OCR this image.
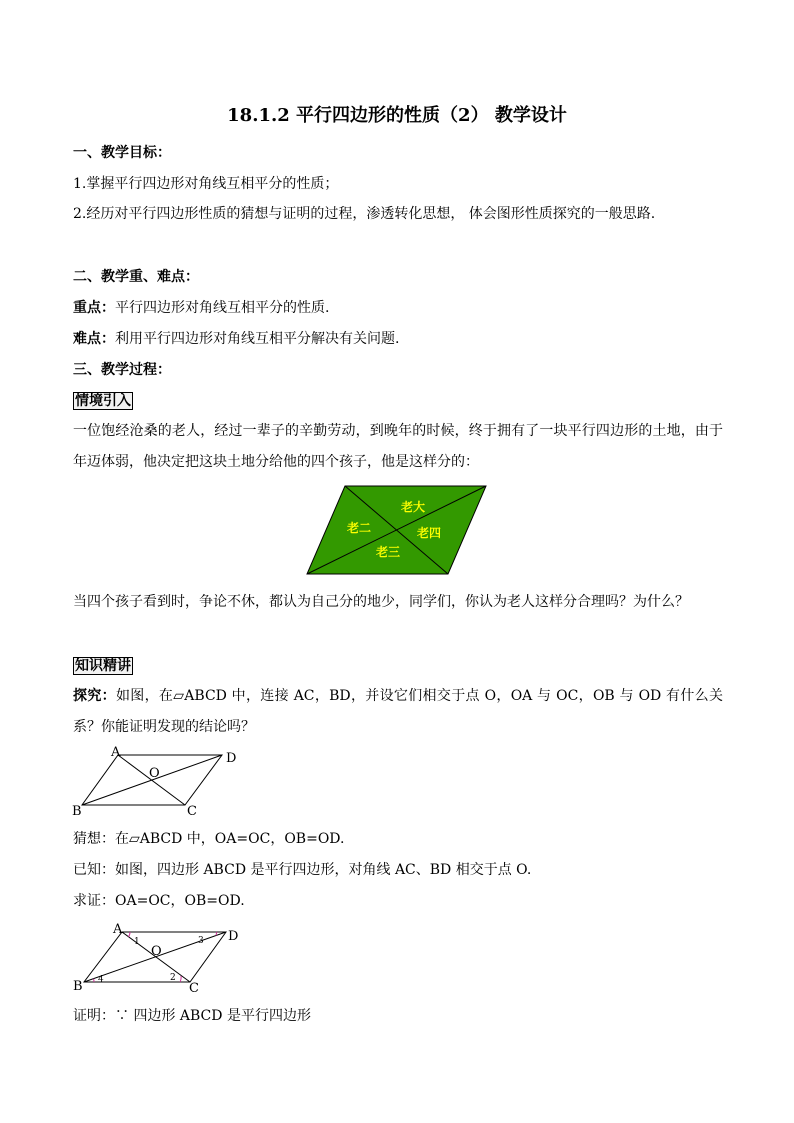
18.1.2 平行四边形的性质（2） 教学设计
一、教学目标：
1.掌握平行四边形对角线互相平分的性质；
2.经历对平行四边形性质的猜想与证明的过程，渗透转化思想， 体会图形性质探究的一般思路.
二、教学重、难点：
重点：平行四边形对角线互相平分的性质.
难点：利用平行四边形对角线互相平分解决有关问题.
三、教学过程：
情境引入
一位饱经沧桑的老人，经过一辈子的辛勤劳动，到晚年的时候，终于拥有了一块平行四边形的土地，由于年迈体弱，他决定把这块土地分给他的四个孩子，他是这样分的：
老大
老二	老四
老三
当四个孩子看到时，争论不休，都认为自己分的地少，同学们，你认为老人这样分合理吗？为什么？
知识精讲
探究：如图，在▱ABCD 中，连接 AC，BD，并设它们相交于点 O，OA 与 OC，OB 与 OD 有什么关系？你能证明发现的结论吗？
A	D
O
B	C
猜想：在▱ABCD 中，OA=OC，OB=OD.
已知：如图，四边形 ABCD 是平行四边形，对角线 AC、BD 相交于点 O.
求证：OA=OC，OB=OD.
A	D
O
B	C
1
2
3
4
证明：∵ 四边形 ABCD 是平行四边形
